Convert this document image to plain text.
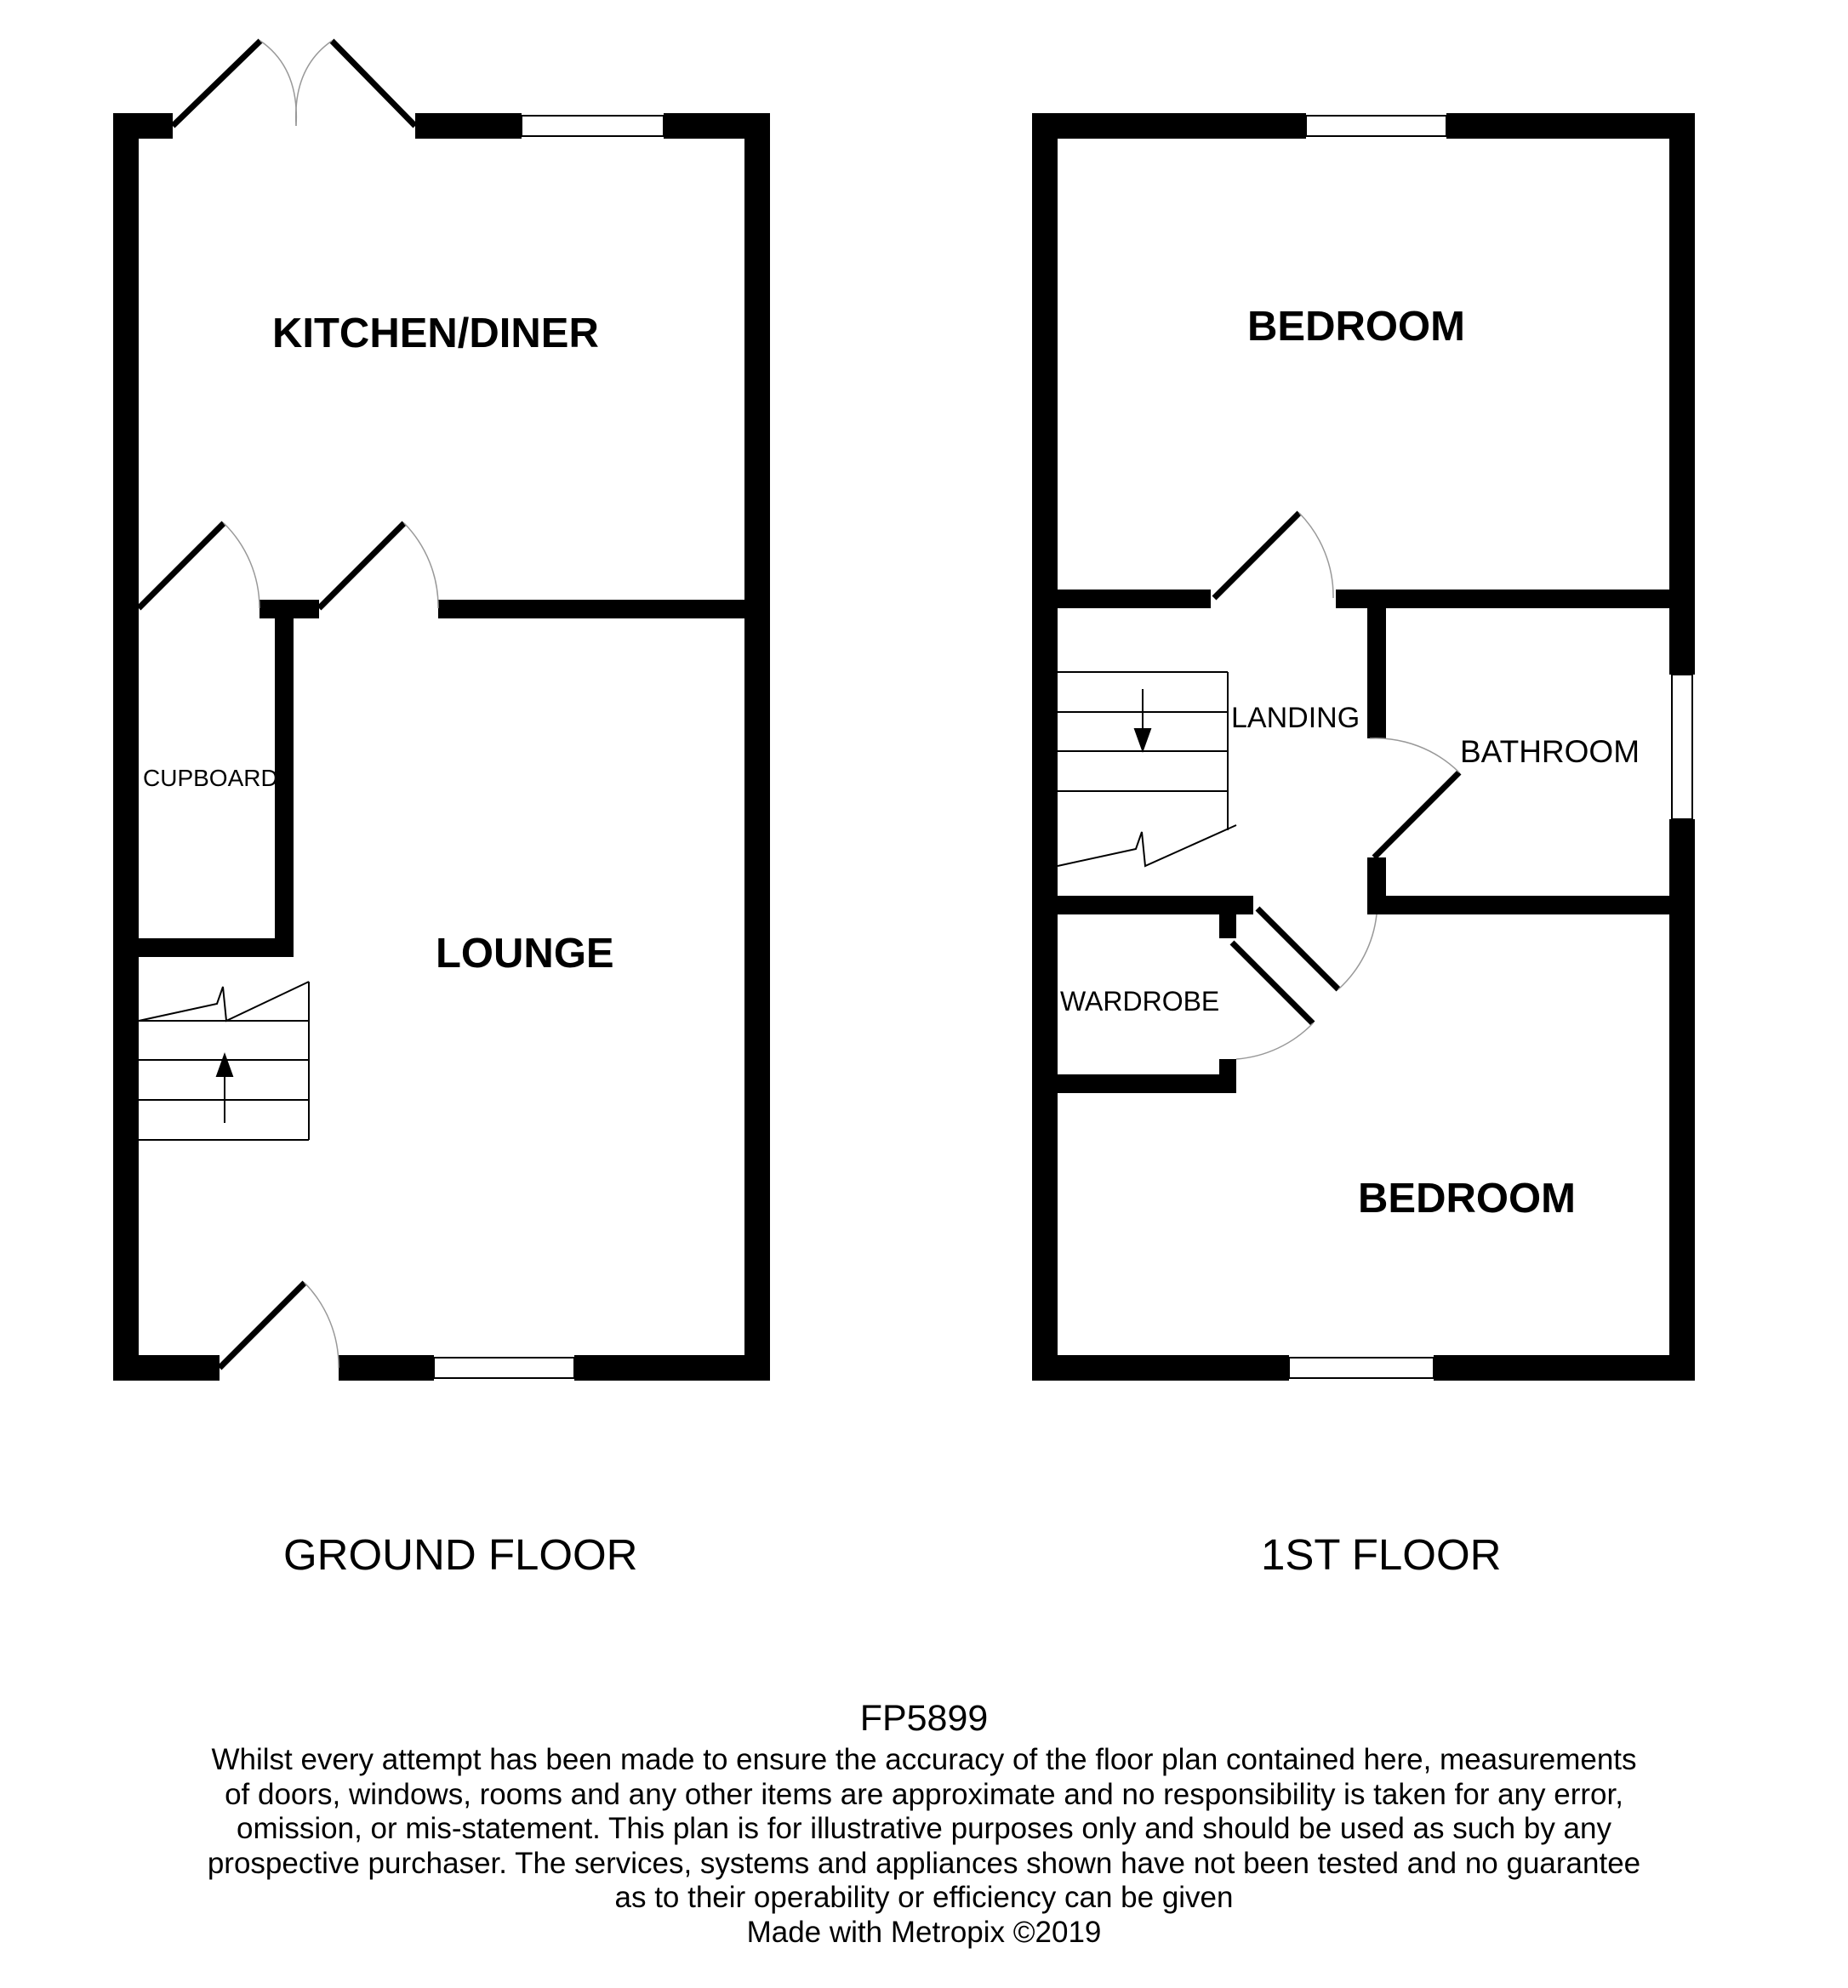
KITCHEN/DINER
LOUNGE
CUPBOARD
GROUND FLOOR
BEDROOM
LANDING
BATHROOM
WARDROBE
BEDROOM
1ST FLOOR
FP5899
Whilst every attempt has been made to ensure the accuracy of the floor plan contained here, measurements
of doors, windows, rooms and any other items are approximate and no responsibility is taken for any error,
omission, or mis-statement. This plan is for illustrative purposes only and should be used as such by any
prospective purchaser. The services, systems and appliances shown have not been tested and no guarantee
as to their operability or efficiency can be given
Made with Metropix ©2019
